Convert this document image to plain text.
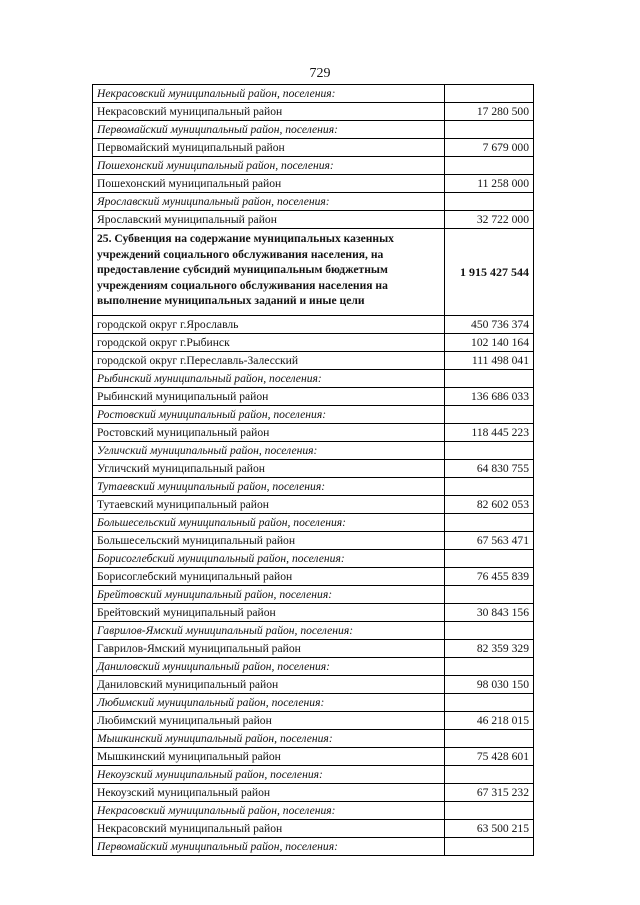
729
Некрасовский муниципальный район, поселения:	
Некрасовский муниципальный район	17 280 500
Первомайский муниципальный район, поселения:	
Первомайский муниципальный район	7 679 000
Пошехонский муниципальный район, поселения:	
Пошехонский муниципальный район	11 258 000
Ярославский муниципальный район, поселения:	
Ярославский муниципальный район	32 722 000
25. Субвенция на содержание муниципальных казенных учреждений социального обслуживания населения, на предоставление субсидий муниципальным бюджетным учреждениям социального обслуживания населения на выполнение муниципальных заданий и иные цели	1 915 427 544
городской округ г.Ярославль	450 736 374
городской округ г.Рыбинск	102 140 164
городской округ г.Переславль-Залесский	111 498 041
Рыбинский муниципальный район, поселения:	
Рыбинский муниципальный район	136 686 033
Ростовский муниципальный район, поселения:	
Ростовский муниципальный район	118 445 223
Угличский муниципальный район, поселения:	
Угличский муниципальный район	64 830 755
Тутаевский муниципальный район, поселения:	
Тутаевский муниципальный район	82 602 053
Большесельский муниципальный район, поселения:	
Большесельский муниципальный район	67 563 471
Борисоглебский муниципальный район, поселения:	
Борисоглебский муниципальный район	76 455 839
Брейтовский муниципальный район, поселения:	
Брейтовский муниципальный район	30 843 156
Гаврилов-Ямский муниципальный район, поселения:	
Гаврилов-Ямский муниципальный район	82 359 329
Даниловский муниципальный район, поселения:	
Даниловский муниципальный район	98 030 150
Любимский муниципальный район, поселения:	
Любимский муниципальный район	46 218 015
Мышкинский муниципальный район, поселения:	
Мышкинский муниципальный район	75 428 601
Некоузский муниципальный район, поселения:	
Некоузский муниципальный район	67 315 232
Некрасовский муниципальный район, поселения:	
Некрасовский муниципальный район	63 500 215
Первомайский муниципальный район, поселения:	
